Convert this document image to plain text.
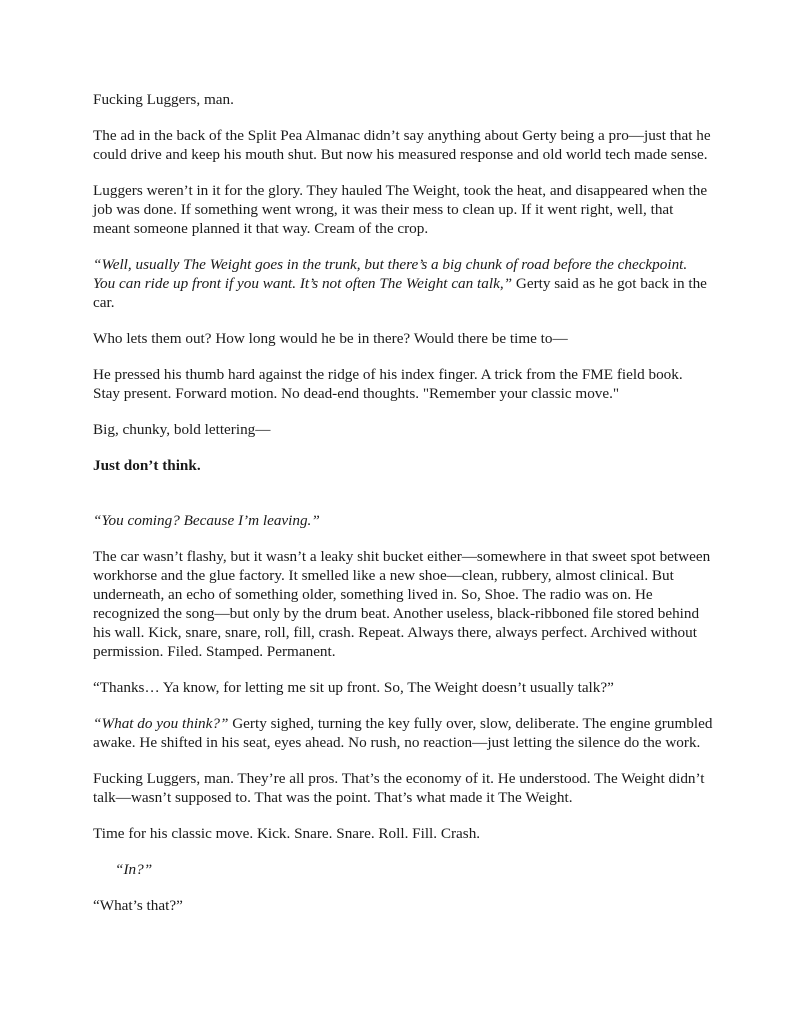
Fucking Luggers, man.

The ad in the back of the Split Pea Almanac didn’t say anything about Gerty being a pro—just that he could drive and keep his mouth shut. But now his measured response and old world tech made sense.

Luggers weren’t in it for the glory. They hauled The Weight, took the heat, and disappeared when the job was done. If something went wrong, it was their mess to clean up. If it went right, well, that meant someone planned it that way. Cream of the crop.

“Well, usually The Weight goes in the trunk, but there’s a big chunk of road before the checkpoint. You can ride up front if you want. It’s not often The Weight can talk,” Gerty said as he got back in the car.

Who lets them out? How long would he be in there? Would there be time to—

He pressed his thumb hard against the ridge of his index finger. A trick from the FME field book. Stay present. Forward motion. No dead-end thoughts. "Remember your classic move."

Big, chunky, bold lettering—

Just don’t think.

“You coming? Because I’m leaving.”

The car wasn’t flashy, but it wasn’t a leaky shit bucket either—somewhere in that sweet spot between workhorse and the glue factory. It smelled like a new shoe—clean, rubbery, almost clinical. But underneath, an echo of something older, something lived in. So, Shoe. The radio was on. He recognized the song—but only by the drum beat. Another useless, black-ribboned file stored behind his wall. Kick, snare, snare, roll, fill, crash. Repeat. Always there, always perfect. Archived without permission. Filed. Stamped. Permanent.

“Thanks… Ya know, for letting me sit up front. So, The Weight doesn’t usually talk?”

“What do you think?” Gerty sighed, turning the key fully over, slow, deliberate. The engine grumbled awake. He shifted in his seat, eyes ahead. No rush, no reaction—just letting the silence do the work.

Fucking Luggers, man. They’re all pros. That’s the economy of it. He understood. The Weight didn’t talk—wasn’t supposed to. That was the point. That’s what made it The Weight.

Time for his classic move. Kick. Snare. Snare. Roll. Fill. Crash.

“In?”

“What’s that?”
